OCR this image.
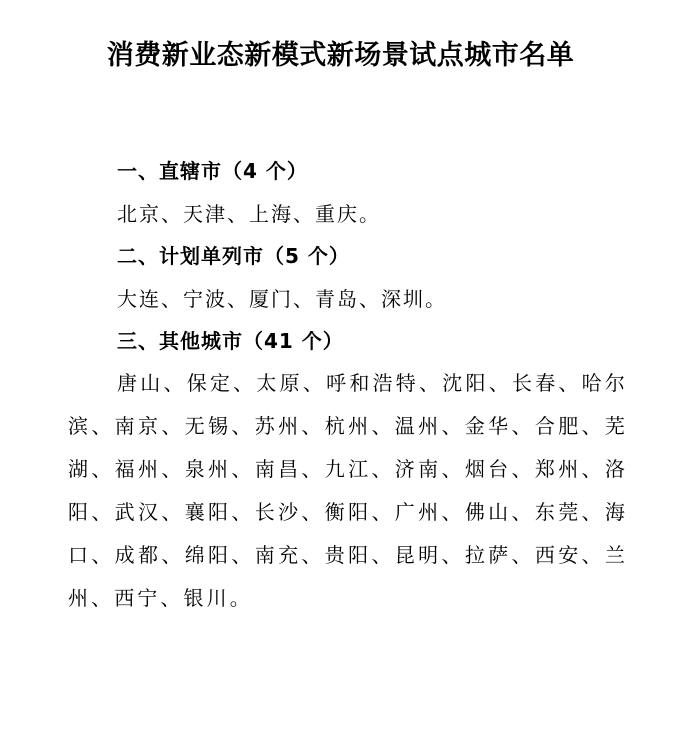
消费新业态新模式新场景试点城市名单
一、直辖市（4 个）
北京、天津、上海、重庆。
二、计划单列市（5 个）
大连、宁波、厦门、青岛、深圳。
三、其他城市（41 个）
唐山、保定、太原、呼和浩特、沈阳、长春、哈尔滨、南京、无锡、苏州、杭州、温州、金华、合肥、芜湖、福州、泉州、南昌、九江、济南、烟台、郑州、洛阳、武汉、襄阳、长沙、衡阳、广州、佛山、东莞、海口、成都、绵阳、南充、贵阳、昆明、拉萨、西安、兰州、西宁、银川。
